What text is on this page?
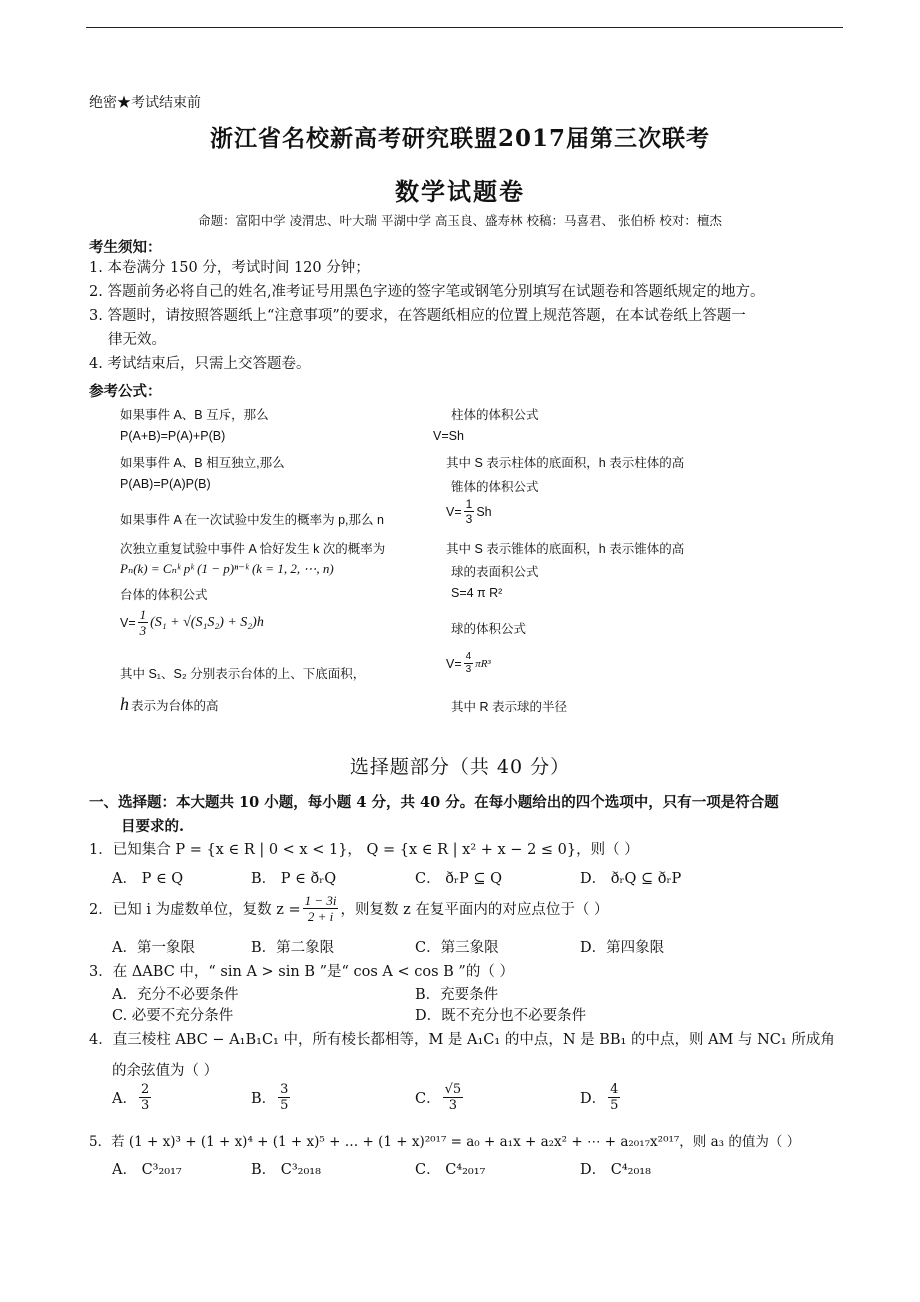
绝密★考试结束前
浙江省名校新高考研究联盟2017届第三次联考
数学试题卷
命题：富阳中学 凌渭忠、叶大瑞 平湖中学 高玉良、盛寿林 校稿：马喜君、 张伯桥 校对：檀杰
考生须知：
1. 本卷满分 150 分，考试时间 120 分钟；
2. 答题前务必将自己的姓名,准考证号用黑色字迹的签字笔或钢笔分别填写在试题卷和答题纸规定的地方。
3. 答题时，请按照答题纸上“注意事项”的要求，在答题纸相应的位置上规范答题，在本试卷纸上答题一
律无效。
4. 考试结束后，只需上交答题卷。
参考公式：
如果事件 A、B 互斥，那么
P(A+B)=P(A)+P(B)
如果事件 A、B 相互独立,那么
P(AB)=P(A)P(B)
如果事件 A 在一次试验中发生的概率为 p,那么 n
次独立重复试验中事件 A 恰好发生 k 次的概率为
Pₙ(k) = Cₙᵏ pᵏ (1 − p)ⁿ⁻ᵏ (k = 1, 2, ⋯, n)
台体的体积公式
$V= \frac{1}{3} (S_1 + √(S_1S_2) + S_2)h$
其中 S₁、S₂ 分别表示台体的上、下底面积，
h 表示为台体的高
柱体的体积公式
V=Sh
其中 S 表示柱体的底面积，h 表示柱体的高
锥体的体积公式
$V= \frac{1}{3}$ Sh
其中 S 表示锥体的底面积，h 表示锥体的高
球的表面积公式
S=4 π R²
球的体积公式
$V= \frac{4}{3} \pi R^3$
其中 R 表示球的半径
选择题部分（共 40 分）
一、选择题：本大题共 10 小题，每小题 4 分，共 40 分。在每小题给出的四个选项中，只有一项是符合题
目要求的.
1．已知集合 P = {x ∈ R | 0 < x < 1}， Q = {x ∈ R | x² + x − 2 ≤ 0}，则（ ）
A． P ∈ Q	B． P ∈ ðᵣQ	C． ðᵣP ⊆ Q	D． ðᵣQ ⊆ ðᵣP
2．已知 i 为虚数单位，复数 $z = \frac{1 - 3i}{2 + i}$ ，则复数 z 在复平面内的对应点位于（ ）
A．第一象限	B．第二象限	C．第三象限	D．第四象限
3．在 ΔABC 中，“ sin A > sin B ”是“ cos A < cos B ”的（ ）
A．充分不必要条件	B．充要条件
C. 必要不充分条件	D．既不充分也不必要条件
4．直三棱柱 ABC − A₁B₁C₁ 中，所有棱长都相等，M 是 A₁C₁ 的中点，N 是 BB₁ 的中点，则 AM 与 NC₁ 所成角
的余弦值为（ ）
A． $\frac{2}{3}$	B． $\frac{3}{5}$	C． $\frac{√5}{3}$	D． $\frac{4}{5}$
5．若 (1 + x)³ + (1 + x)⁴ + (1 + x)⁵ + … + (1 + x)²⁰¹⁷ = a₀ + a₁x + a₂x² + ⋯ + a₂₀₁₇x²⁰¹⁷，则 a₃ 的值为（ ）
A． C³₂₀₁₇	B． C³₂₀₁₈	C． C⁴₂₀₁₇	D． C⁴₂₀₁₈
